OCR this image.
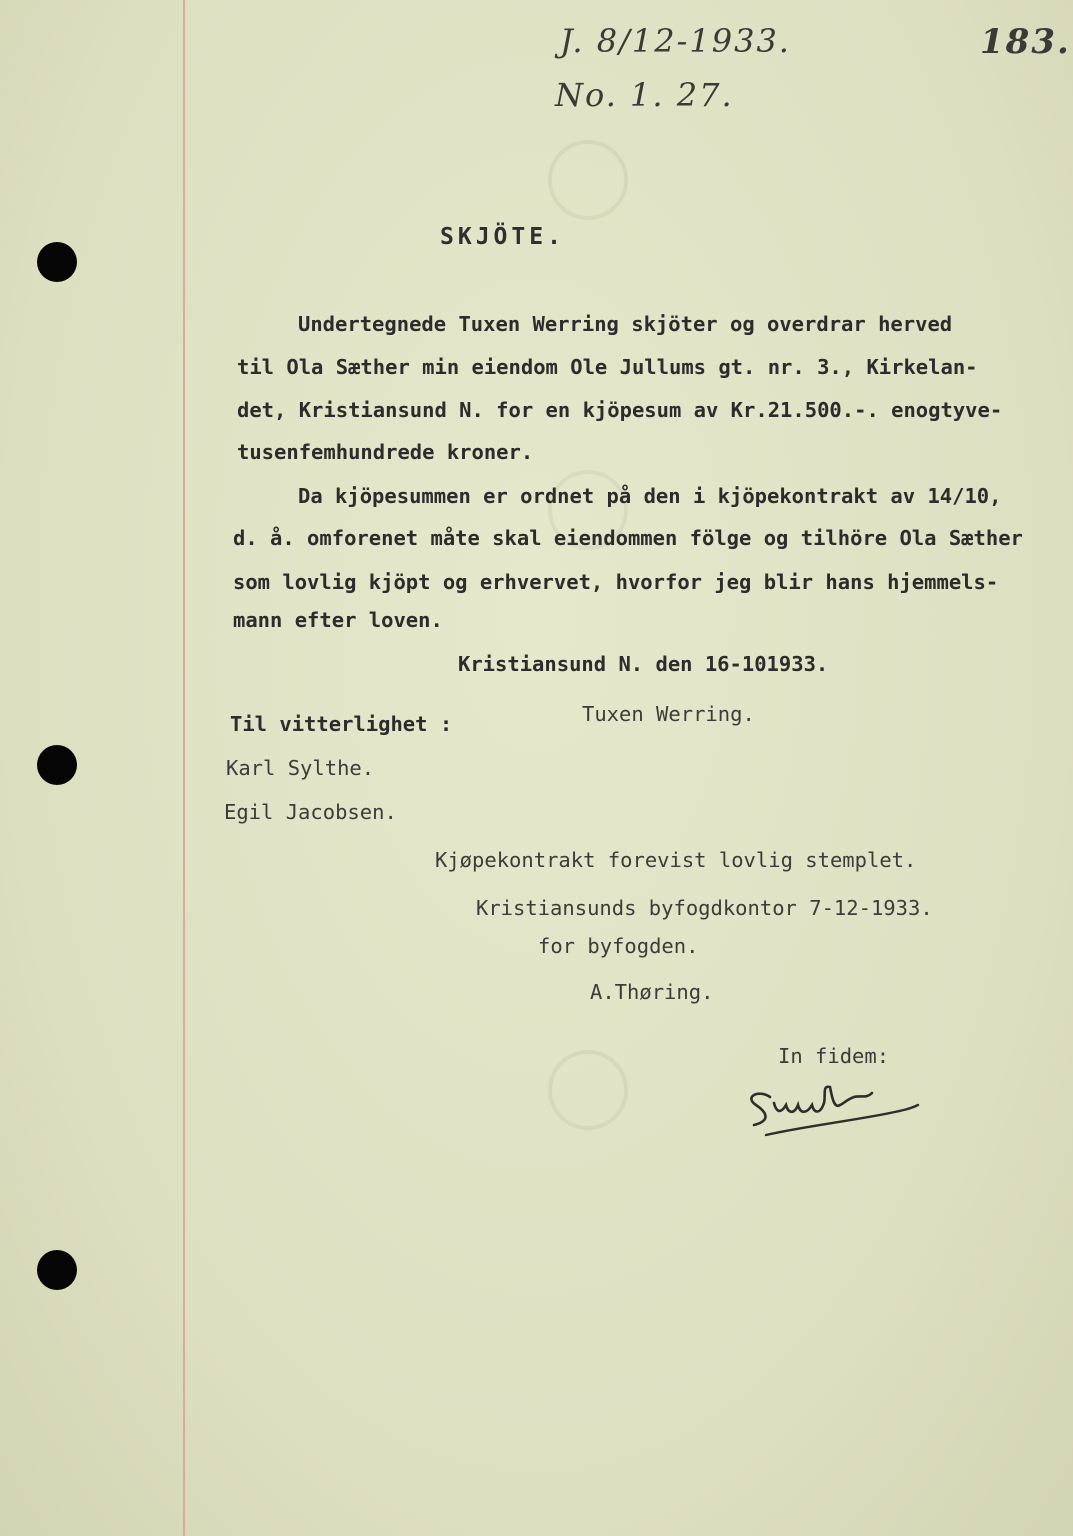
J. 8/12-1933.
No. 1. 27.
183.
SKJÖTE.
Undertegnede Tuxen Werring skjöter og overdrar herved
til Ola Sæther min eiendom Ole Jullums gt. nr. 3., Kirkelan-
det, Kristiansund N. for en kjöpesum av Kr.21.500.-. enogtyve-
tusenfemhundrede kroner.
Da kjöpesummen er ordnet på den i kjöpekontrakt av 14/10,
d. å. omforenet måte skal eiendommen fölge og tilhöre Ola Sæther
som lovlig kjöpt og erhvervet, hvorfor jeg blir hans hjemmels-
mann efter loven.
Kristiansund N. den 16-101933.
Tuxen Werring.
Til vitterlighet :
Karl Sylthe.
Egil Jacobsen.
Kjøpekontrakt forevist lovlig stemplet.
Kristiansunds byfogdkontor 7-12-1933.
for byfogden.
A.Thøring.
In fidem:
